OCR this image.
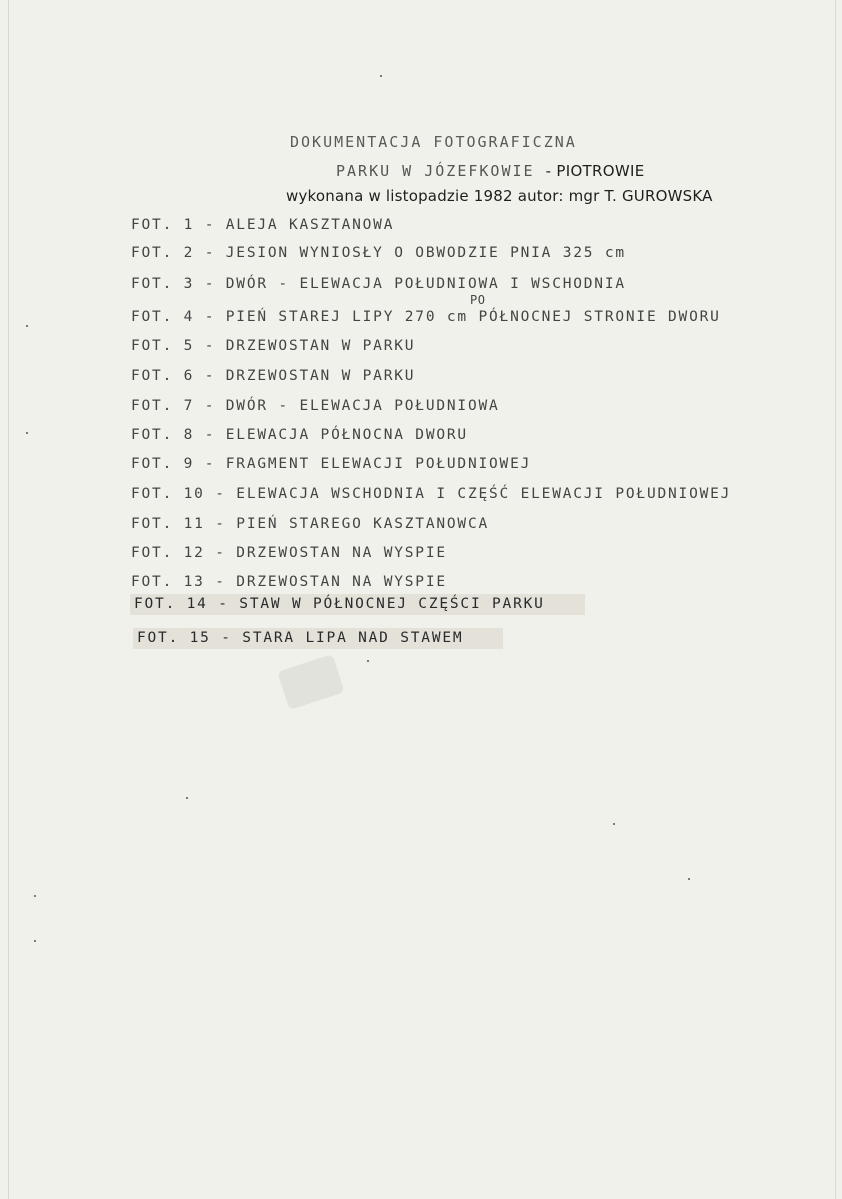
DOKUMENTACJA FOTOGRAFICZNA
PARKU W JÓZEFKOWIE - PIOTROWIE
wykonana w listopadzie 1982 autor: mgr T. GUROWSKA
FOT. 1 - ALEJA KASZTANOWA
FOT. 2 - JESION WYNIOSŁY O OBWODZIE PNIA 325 cm
FOT. 3 - DWÓR - ELEWACJA POŁUDNIOWA I WSCHODNIA
PO
FOT. 4 - PIEŃ STAREJ LIPY 270 cm PÓŁNOCNEJ STRONIE DWORU
FOT. 5 - DRZEWOSTAN W PARKU
FOT. 6 - DRZEWOSTAN W PARKU
FOT. 7 - DWÓR - ELEWACJA POŁUDNIOWA
FOT. 8 - ELEWACJA PÓŁNOCNA DWORU
FOT. 9 - FRAGMENT ELEWACJI POŁUDNIOWEJ
FOT. 10 - ELEWACJA WSCHODNIA I CZĘŚĆ ELEWACJI POŁUDNIOWEJ
FOT. 11 - PIEŃ STAREGO KASZTANOWCA
FOT. 12 - DRZEWOSTAN NA WYSPIE
FOT. 13 - DRZEWOSTAN NA WYSPIE
FOT. 14 - STAW W PÓŁNOCNEJ CZĘŚCI PARKU
FOT. 15 - STARA LIPA NAD STAWEM
